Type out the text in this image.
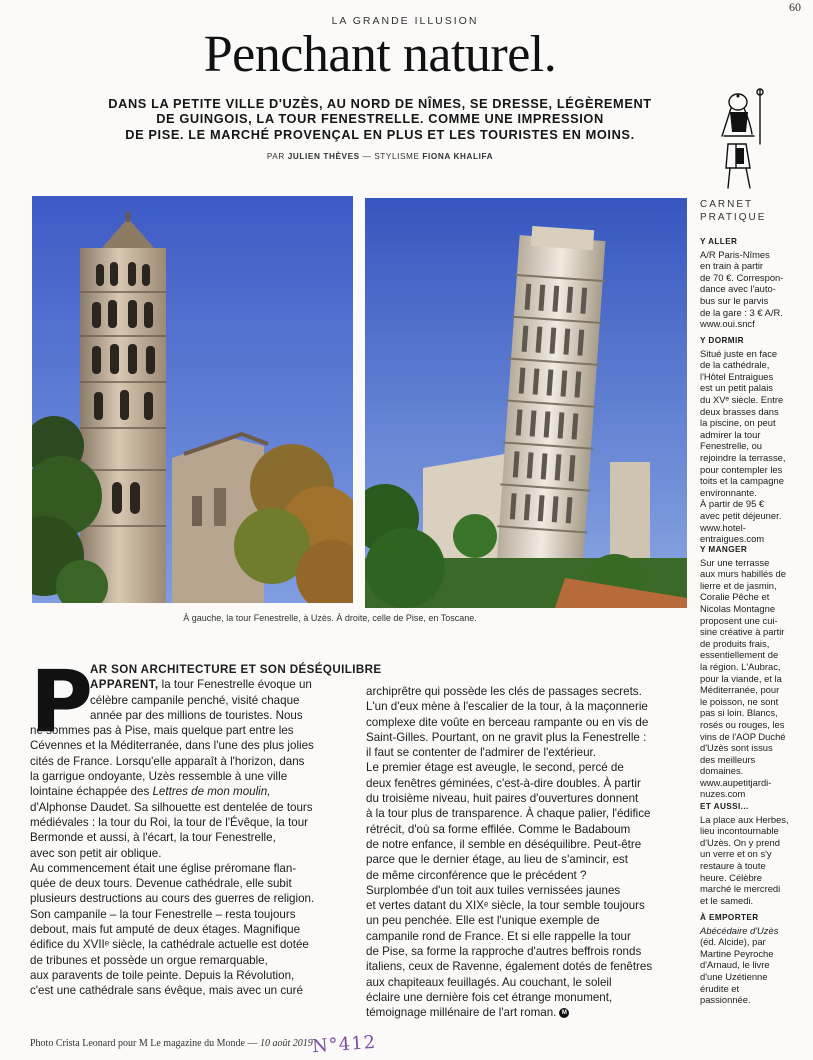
60
LA GRANDE ILLUSION
Penchant naturel.
DANS LA PETITE VILLE D'UZÈS, AU NORD DE NÎMES, SE DRESSE, LÉGÈREMENT
DE GUINGOIS, LA TOUR FENESTRELLE. COMME UNE IMPRESSION
DE PISE. LE MARCHÉ PROVENÇAL EN PLUS ET LES TOURISTES EN MOINS.
PAR JULIEN THÈVES — STYLISME FIONA KHALIFA
À gauche, la tour Fenestrelle, à Uzès. À droite, celle de Pise, en Toscane.
CARNET
PRATIQUE
Y ALLER
A/R Paris-Nîmes
en train à partir
de 70 €. Correspon-
dance avec l'auto-
bus sur le parvis
de la gare : 3 € A/R.
www.oui.sncf
Y DORMIR
Situé juste en face
de la cathédrale,
l'Hôtel Entraigues
est un petit palais
du XVᵉ siècle. Entre
deux brasses dans
la piscine, on peut
admirer la tour
Fenestrelle, ou
rejoindre la terrasse,
pour contempler les
toits et la campagne
environnante.
À partir de 95 €
avec petit déjeuner.
www.hotel-
entraigues.com
Y MANGER
Sur une terrasse
aux murs habillés de
lierre et de jasmin,
Coralie Pêche et
Nicolas Montagne
proposent une cui-
sine créative à partir
de produits frais,
essentiellement de
la région. L'Aubrac,
pour la viande, et la
Méditerranée, pour
le poisson, ne sont
pas si loin. Blancs,
rosés ou rouges, les
vins de l'AOP Duché
d'Uzès sont issus
des meilleurs
domaines.
www.aupetitjardi-
nuzes.com
ET AUSSI...
La place aux Herbes,
lieu incontournable
d'Uzès. On y prend
un verre et on s'y
restaure à toute
heure. Célèbre
marché le mercredi
et le samedi.
À EMPORTER
Abécédaire d'Uzès
(éd. Alcide), par
Martine Peyroche
d'Arnaud, le livre
d'une Uzétienne
érudite et
passionnée.
P
AR SON ARCHITECTURE ET SON DÉSÉQUILIBRE
APPARENT, la tour Fenestrelle évoque un
célèbre campanile penché, visité chaque
année par des millions de touristes. Nous
ne sommes pas à Pise, mais quelque part entre les
Cévennes et la Méditerranée, dans l'une des plus jolies
cités de France. Lorsqu'elle apparaît à l'horizon, dans
la garrigue ondoyante, Uzès ressemble à une ville
lointaine échappée des Lettres de mon moulin,
d'Alphonse Daudet. Sa silhouette est dentelée de tours
médiévales : la tour du Roi, la tour de l'Évêque, la tour
Bermonde et aussi, à l'écart, la tour Fenestrelle,
avec son petit air oblique.
Au commencement était une église préromane flan-
quée de deux tours. Devenue cathédrale, elle subit
plusieurs destructions au cours des guerres de religion.
Son campanile – la tour Fenestrelle – resta toujours
debout, mais fut amputé de deux étages. Magnifique
édifice du XVIIᵉ siècle, la cathédrale actuelle est dotée
de tribunes et possède un orgue remarquable,
aux paravents de toile peinte. Depuis la Révolution,
c'est une cathédrale sans évêque, mais avec un curé
archiprêtre qui possède les clés de passages secrets.
L'un d'eux mène à l'escalier de la tour, à la maçonnerie
complexe dite voûte en berceau rampante ou en vis de
Saint-Gilles. Pourtant, on ne gravit plus la Fenestrelle :
il faut se contenter de l'admirer de l'extérieur.
Le premier étage est aveugle, le second, percé de
deux fenêtres géminées, c'est-à-dire doubles. À partir
du troisième niveau, huit paires d'ouvertures donnent
à la tour plus de transparence. À chaque palier, l'édifice
rétrécit, d'où sa forme effilée. Comme le Badaboum
de notre enfance, il semble en déséquilibre. Peut-être
parce que le dernier étage, au lieu de s'amincir, est
de même circonférence que le précédent ?
Surplombée d'un toit aux tuiles vernissées jaunes
et vertes datant du XIXᵉ siècle, la tour semble toujours
un peu penchée. Elle est l'unique exemple de
campanile rond de France. Et si elle rappelle la tour
de Pise, sa forme la rapproche d'autres beffrois ronds
italiens, ceux de Ravenne, également dotés de fenêtres
aux chapiteaux feuillagés. Au couchant, le soleil
éclaire une dernière fois cet étrange monument,
témoignage millénaire de l'art roman. M
Photo Crista Leonard pour M Le magazine du Monde — 10 août 2019
N°412
